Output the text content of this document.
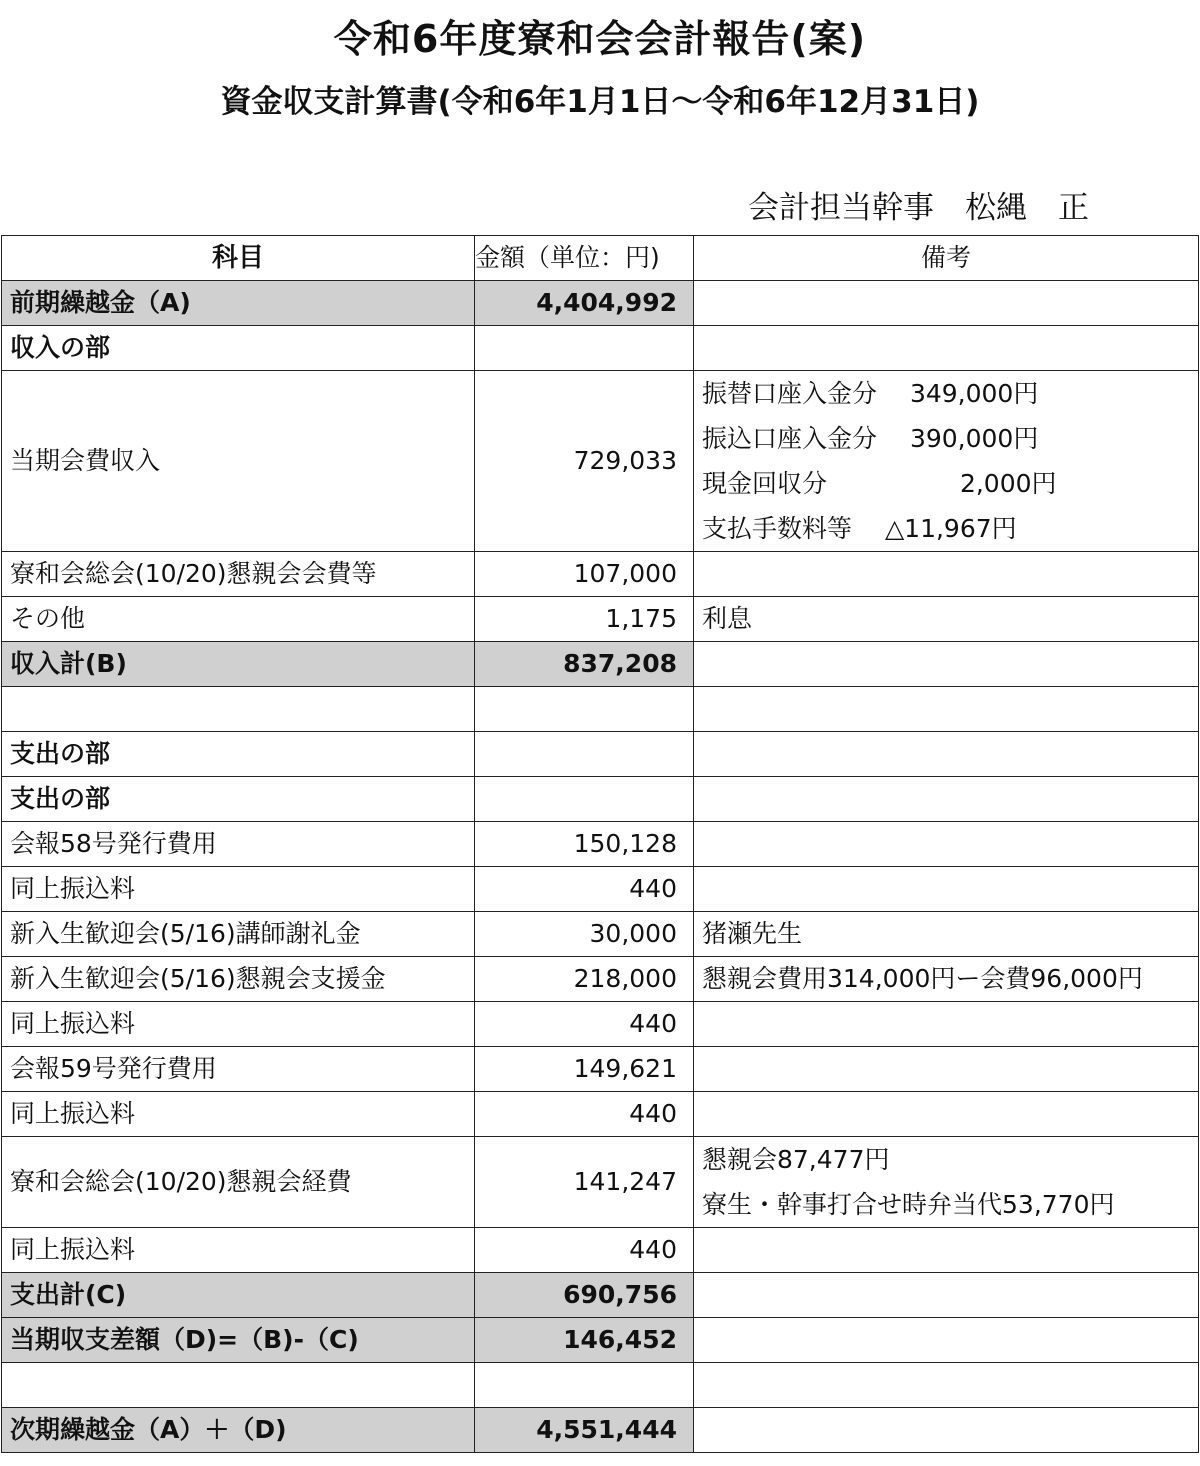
令和6年度寮和会会計報告(案)
資金収支計算書(令和6年1月1日～令和6年12月31日)
会計担当幹事　松縄　正
科目	金額（単位：円)	備考
前期繰越金（A)	4,404,992	
収入の部		
当期会費収入	729,033	振替口座入金分　 349,000円
振込口座入金分　 390,000円
現金回収分　　　　　 2,000円
支払手数料等　 △11,967円

寮和会総会(10/20)懇親会会費等	107,000	
その他	1,175	利息
収入計(B)	837,208	

支出の部		
支出の部		
会報58号発行費用	150,128	
同上振込料	440	
新入生歓迎会(5/16)講師謝礼金	30,000	猪瀬先生
新入生歓迎会(5/16)懇親会支援金	218,000	懇親会費用314,000円ー会費96,000円
同上振込料	440	
会報59号発行費用	149,621	
同上振込料	440	
寮和会総会(10/20)懇親会経費	141,247	懇親会87,477円
寮生・幹事打合せ時弁当代53,770円

同上振込料	440	
支出計(C)	690,756	
当期収支差額（D)=（B)-（C)	146,452	

次期繰越金（A）＋（D)	4,551,444	
